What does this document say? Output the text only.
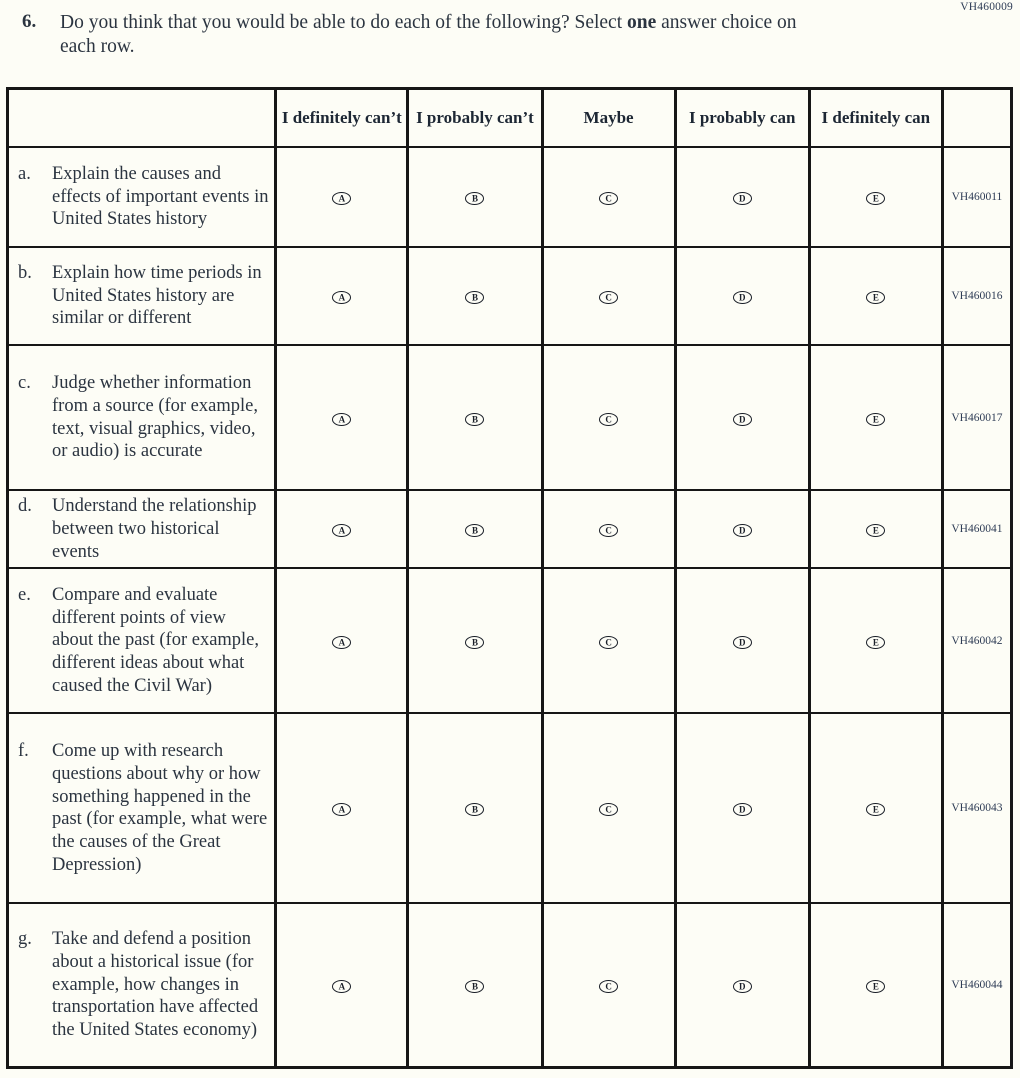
VH460009
6.	Do you think that you would be able to do each of the following? Select one answer choice on each row.
	I definitely can’t	I probably can’t	Maybe	I probably can	I definitely can	

a. Explain the causes and effects of important events in United States history	A	B	C	D	E	VH460011

b. Explain how time periods in United States history are similar or different	A	B	C	D	E	VH460016

c. Judge whether information from a source (for example, text, visual graphics, video, or audio) is accurate	A	B	C	D	E	VH460017

d. Understand the relationship between two historical events	A	B	C	D	E	VH460041

e. Compare and evaluate different points of view about the past (for example, different ideas about what caused the Civil War)	A	B	C	D	E	VH460042

f. Come up with research questions about why or how something happened in the past (for example, what were the causes of the Great Depression)	A	B	C	D	E	VH460043

g. Take and defend a position about a historical issue (for example, how changes in transportation have affected the United States economy)	A	B	C	D	E	VH460044
